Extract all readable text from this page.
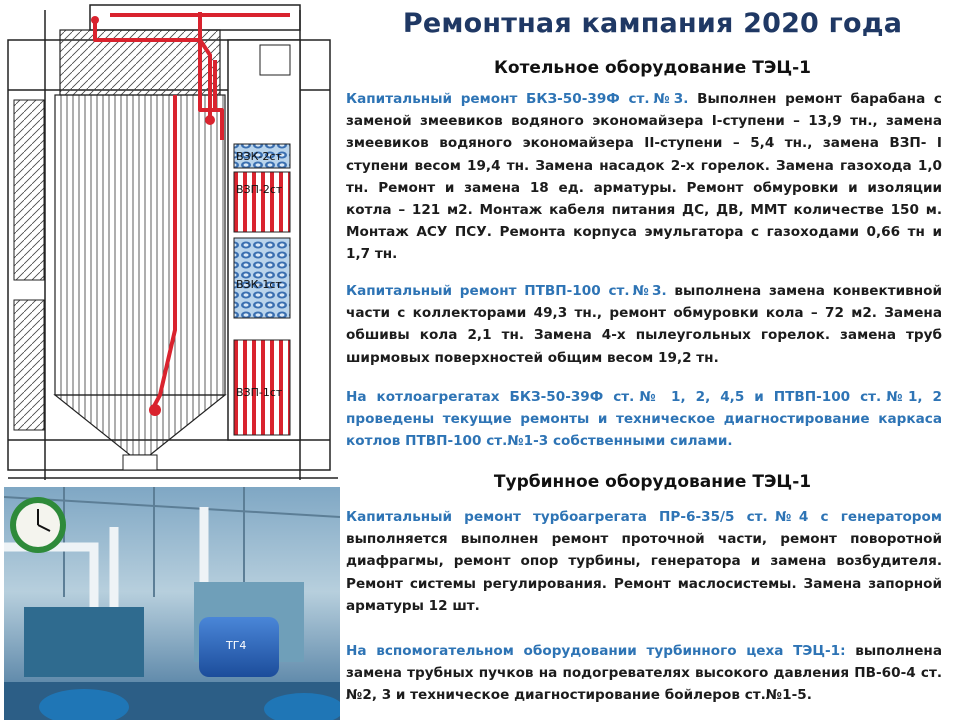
ВЗК-2ст
ВЗП-2ст
ВЗК-1ст
ВЗП-1ст
ТГ4
Ремонтная кампания 2020 года
Котельное оборудование ТЭЦ-1

Капитальный ремонт БКЗ-50-39Ф ст.№3. Выполнен ремонт барабана с заменой змеевиков водяного экономайзера I-ступени – 13,9 тн., замена змеевиков водяного экономайзера II-ступени – 5,4 тн., замена ВЗП- I ступени весом 19,4 тн. Замена насадок 2-х горелок. Замена газохода 1,0 тн. Ремонт и замена 18 ед. арматуры. Ремонт обмуровки и изоляции котла – 121 м2. Монтаж кабеля питания ДС, ДВ, ММТ количестве 150 м. Монтаж АСУ ПСУ. Ремонта корпуса эмульгатора с газоходами 0,66 тн и 1,7 тн.

Капитальный ремонт ПТВП-100 ст.№3. выполнена замена конвективной части с коллекторами 49,3 тн., ремонт обмуровки кола – 72 м2. Замена обшивы кола 2,1 тн. Замена 4-х пылеугольных горелок. замена труб ширмовых поверхностей общим весом 19,2 тн.

На котлоагрегатах БКЗ-50-39Ф ст.№ 1, 2, 4,5 и ПТВП-100 ст.№1, 2 проведены текущие ремонты и техническое диагностирование каркаса котлов ПТВП-100 ст.№1-3 собственными силами.

Турбинное оборудование ТЭЦ-1

Капитальный ремонт турбоагрегата ПР-6-35/5 ст.№4 с генератором выполняется выполнен ремонт проточной части, ремонт поворотной диафрагмы, ремонт опор турбины, генератора и замена возбудителя. Ремонт системы регулирования. Ремонт маслосистемы. Замена запорной арматуры 12 шт.

На вспомогательном оборудовании турбинного цеха ТЭЦ-1: выполнена замена трубных пучков на подогревателях высокого давления ПВ-60-4 ст.№2, 3 и техническое диагностирование бойлеров ст.№1-5.
